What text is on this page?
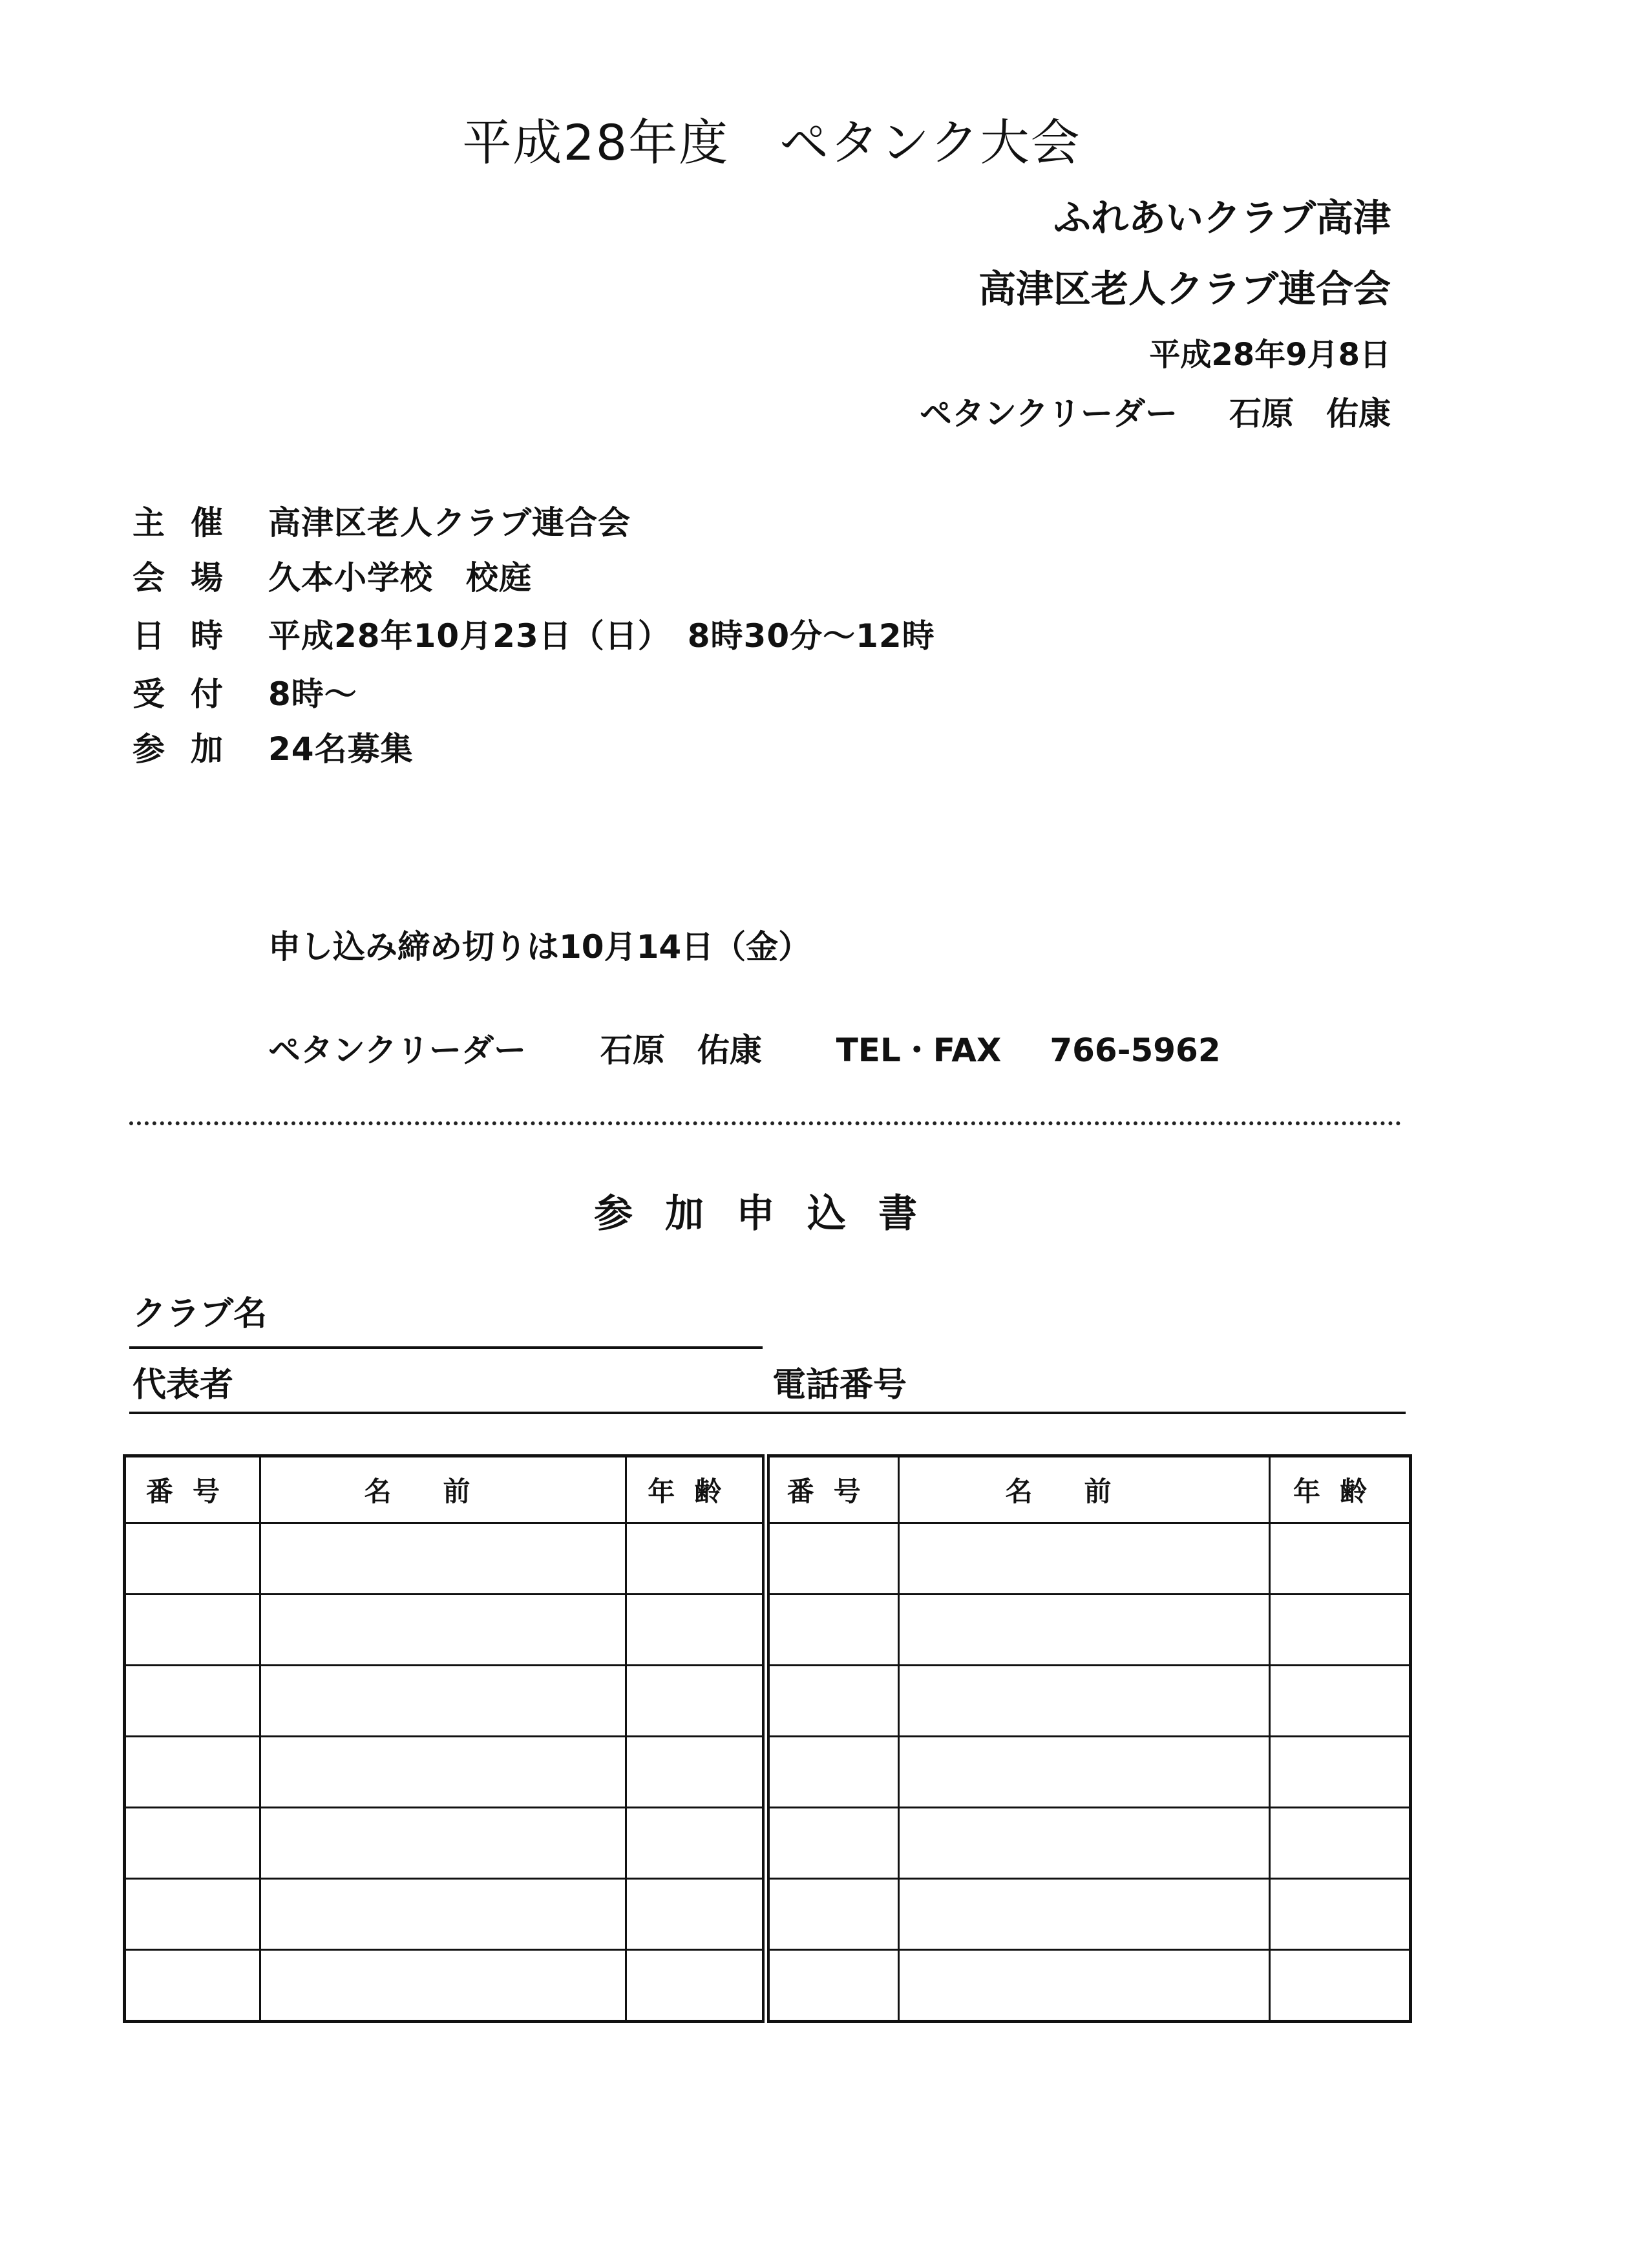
平成28年度　ペタンク大会
ふれあいクラブ高津
高津区老人クラブ連合会
平成28年9月8日
ペタンクリーダー 石原　佑康
主催 高津区老人クラブ連合会
会場 久本小学校　校庭
日時 平成28年10月23日（日）　8時30分～12時
受付 8時～
参加 24名募集
申し込み締め切りは10月14日（金）
ペタンクリーダー 石原　佑康 TEL・FAX 766-5962
参加申込書
クラブ名
代表者	電話番号
番号	名前	年齢	番号	名前	年齢
